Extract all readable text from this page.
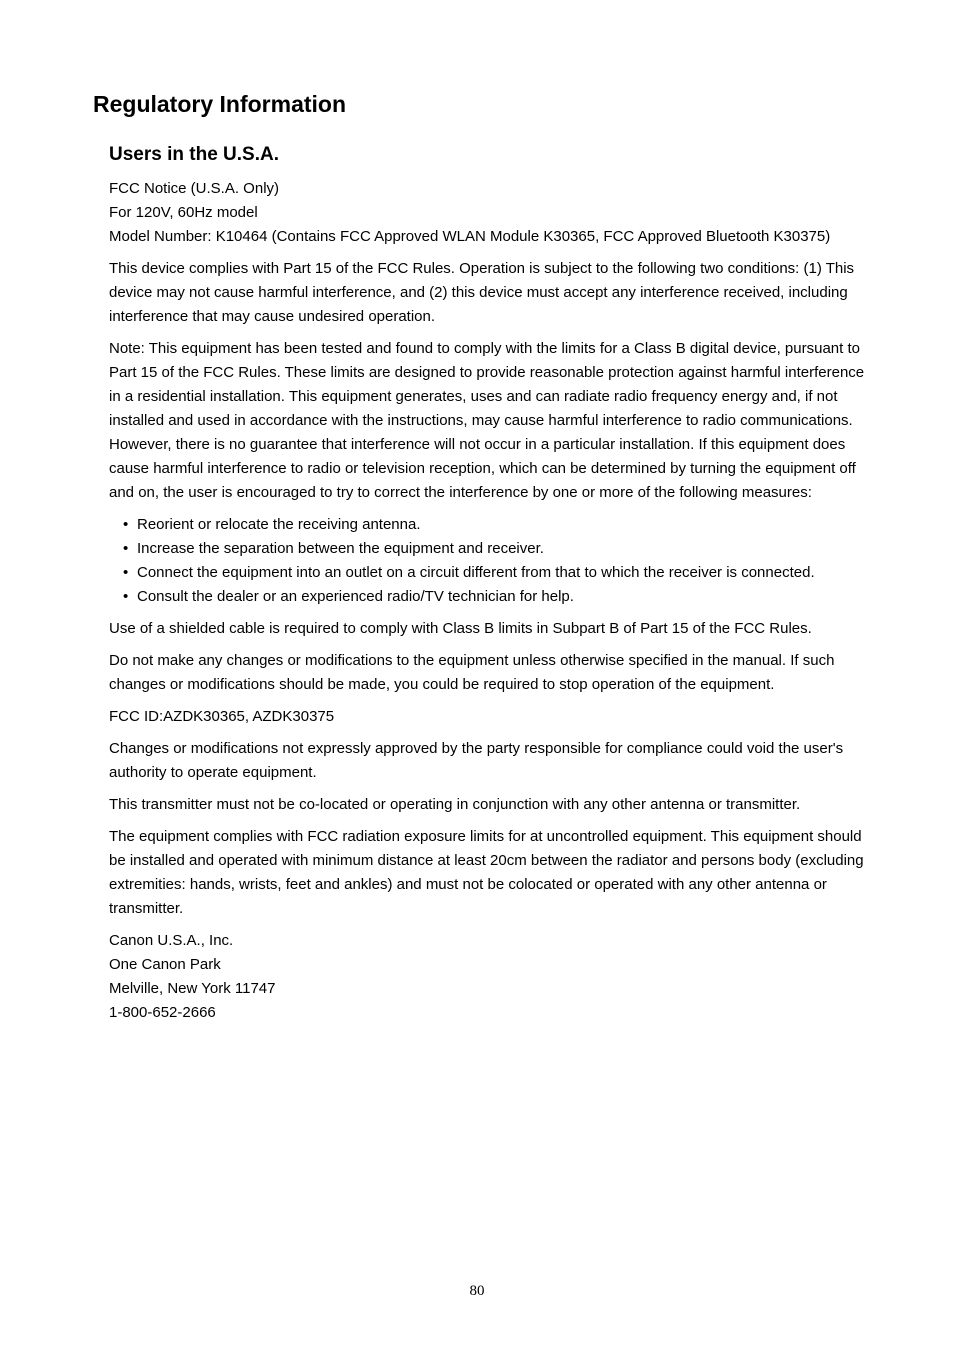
Regulatory Information
Users in the U.S.A.

FCC Notice (U.S.A. Only)
For 120V, 60Hz model
Model Number: K10464 (Contains FCC Approved WLAN Module K30365, FCC Approved Bluetooth K30375)

This device complies with Part 15 of the FCC Rules. Operation is subject to the following two conditions: (1) This device may not cause harmful interference, and (2) this device must accept any interference received, including interference that may cause undesired operation.

Note: This equipment has been tested and found to comply with the limits for a Class B digital device, pursuant to Part 15 of the FCC Rules. These limits are designed to provide reasonable protection against harmful interference in a residential installation. This equipment generates, uses and can radiate radio frequency energy and, if not installed and used in accordance with the instructions, may cause harmful interference to radio communications.

However, there is no guarantee that interference will not occur in a particular installation. If this equipment does cause harmful interference to radio or television reception, which can be determined by turning the equipment off and on, the user is encouraged to try to correct the interference by one or more of the following measures:

• Reorient or relocate the receiving antenna.
• Increase the separation between the equipment and receiver.
• Connect the equipment into an outlet on a circuit different from that to which the receiver is connected.
• Consult the dealer or an experienced radio/TV technician for help.

Use of a shielded cable is required to comply with Class B limits in Subpart B of Part 15 of the FCC Rules.

Do not make any changes or modifications to the equipment unless otherwise specified in the manual. If such changes or modifications should be made, you could be required to stop operation of the equipment.

FCC ID:AZDK30365, AZDK30375

Changes or modifications not expressly approved by the party responsible for compliance could void the user's authority to operate equipment.

This transmitter must not be co-located or operating in conjunction with any other antenna or transmitter.

The equipment complies with FCC radiation exposure limits for at uncontrolled equipment. This equipment should be installed and operated with minimum distance at least 20cm between the radiator and persons body (excluding extremities: hands, wrists, feet and ankles) and must not be colocated or operated with any other antenna or transmitter.

Canon U.S.A., Inc.
One Canon Park
Melville, New York 11747
1-800-652-2666

80
